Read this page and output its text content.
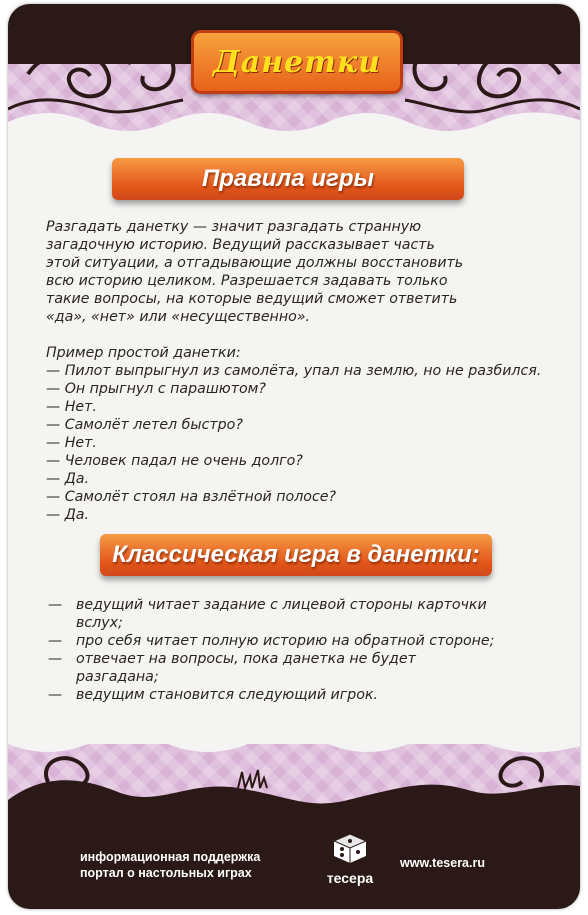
Данетки
Правила игры

Разгадать данетку — значит разгадать странную
загадочную историю. Ведущий рассказывает часть
этой ситуации, а отгадывающие должны восстановить
всю историю целиком. Разрешается задавать только
такие вопросы, на которые ведущий сможет ответить
«да», «нет» или «несущественно».

Пример простой данетки:
— Пилот выпрыгнул из самолёта, упал на землю, но не разбился.
— Он прыгнул с парашютом?
— Нет.
— Самолёт летел быстро?
— Нет.
— Человек падал не очень долго?
— Да.
— Самолёт стоял на взлётной полосе?
— Да.

Классическая игра в данетки:
— ведущий читает задание с лицевой стороны карточки
вслух;
— про себя читает полную историю на обратной стороне;
— отвечает на вопросы, пока данетка не будет
разгадана;
— ведущим становится следующий игрок.
информационная поддержка
портал о настольных играх	тесера
www.tesera.ru
